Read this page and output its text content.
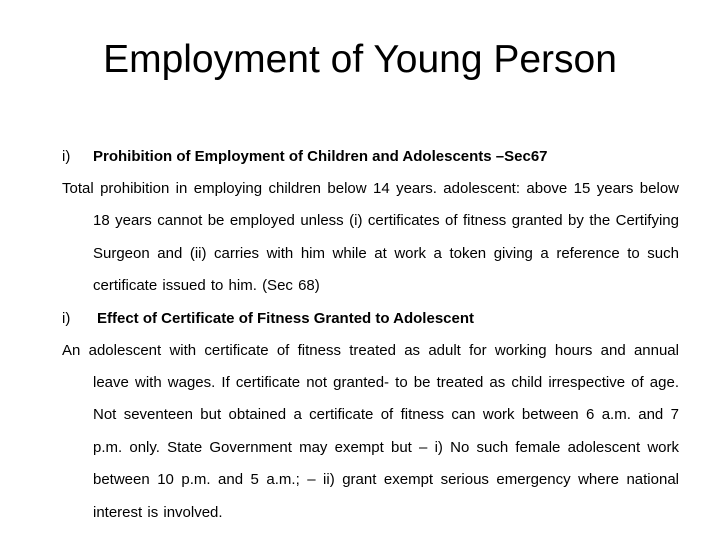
Employment of Young Person
i) Prohibition of Employment of Children and Adolescents –Sec67

Total prohibition in employing children below 14 years. adolescent: above 15 years below 18 years cannot be employed unless (i) certificates of fitness granted by the Certifying Surgeon and (ii) carries with him while at work a token giving a reference to such certificate issued to him. (Sec 68)

i) Effect of Certificate of Fitness Granted to Adolescent

An adolescent with certificate of fitness treated as adult for working hours and annual leave with wages. If certificate not granted- to be treated as child irrespective of age. Not seventeen but obtained a certificate of fitness can work between 6 a.m. and 7 p.m. only. State Government may exempt but – i) No such female adolescent work between 10 p.m. and 5 a.m.; – ii) grant exempt serious emergency where national interest is involved.
